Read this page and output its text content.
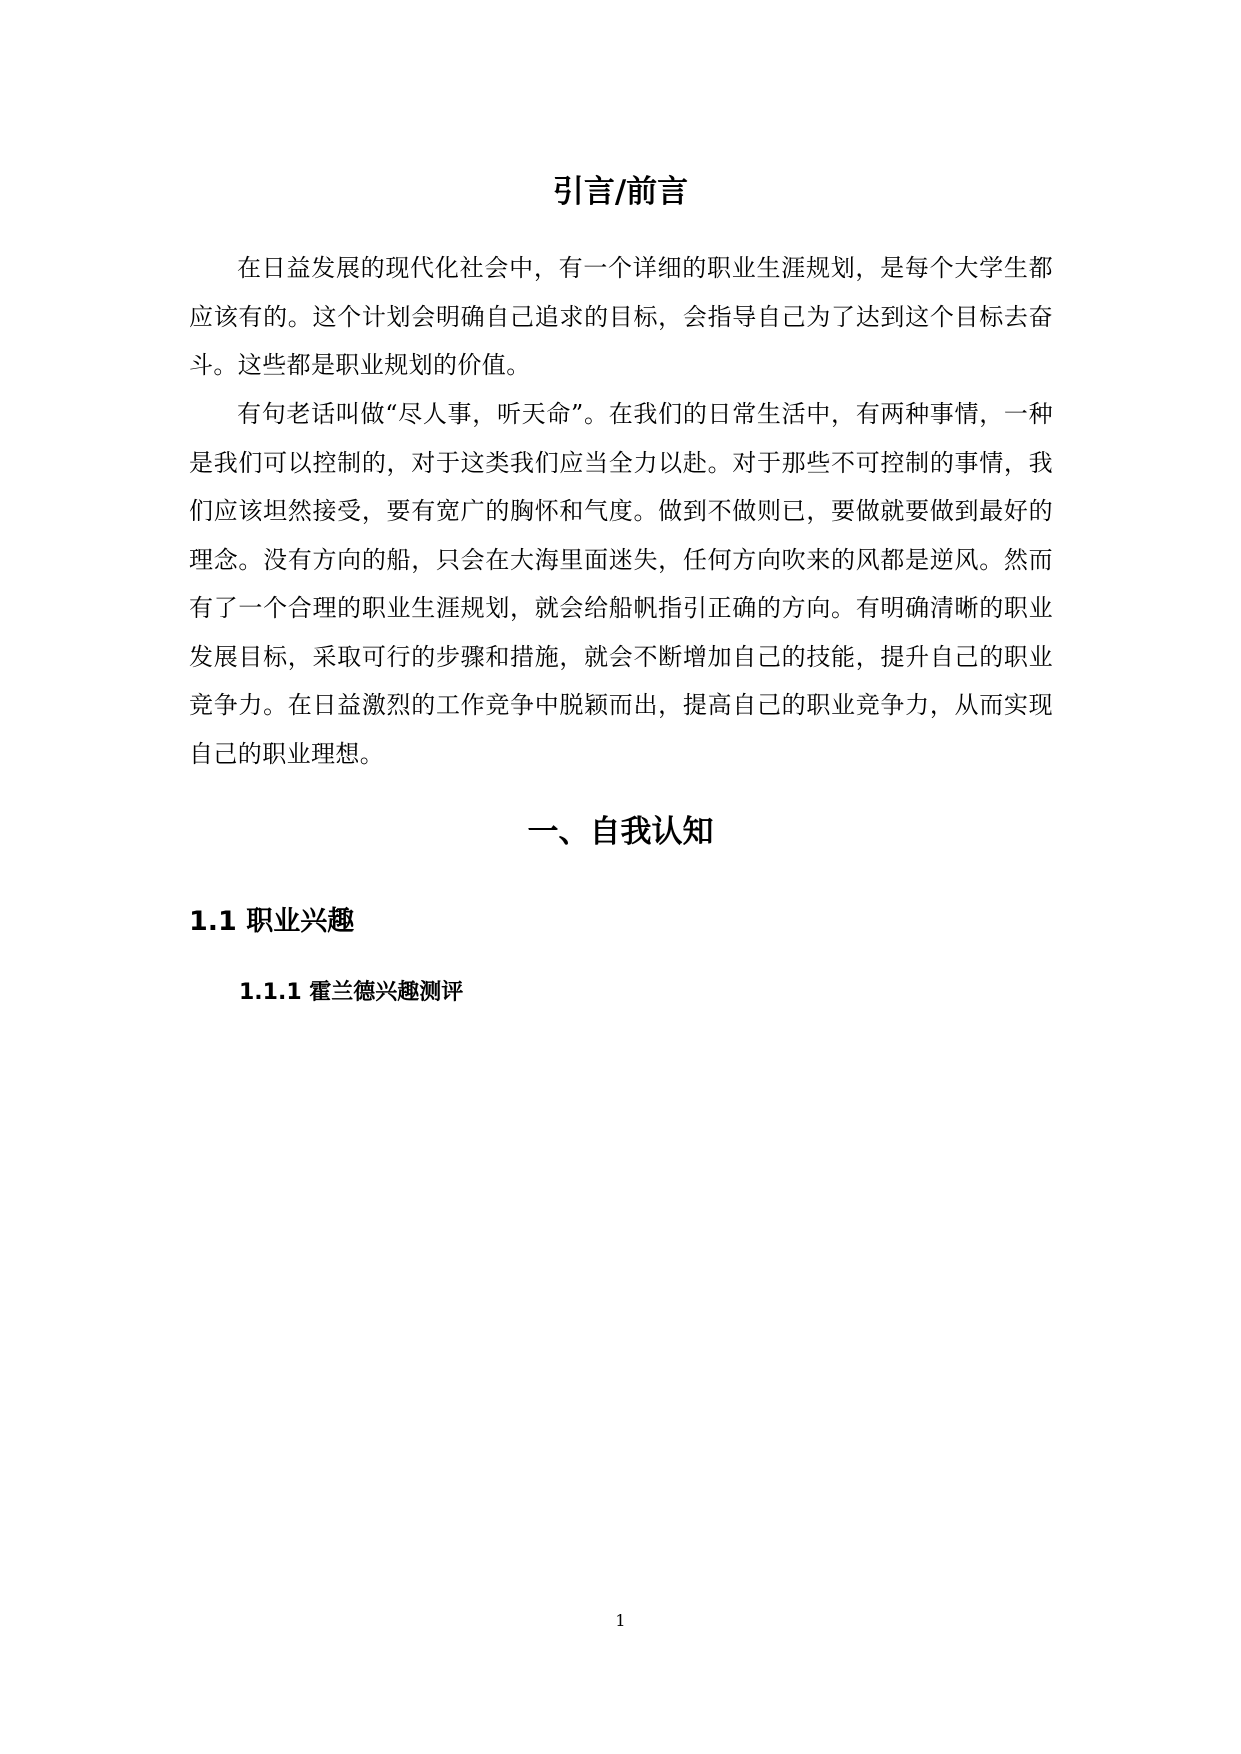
引言/前言

在日益发展的现代化社会中，有一个详细的职业生涯规划，是每个大学生都应该有的。这个计划会明确自己追求的目标，会指导自己为了达到这个目标去奋斗。这些都是职业规划的价值。

有句老话叫做“尽人事，听天命”。在我们的日常生活中，有两种事情，一种是我们可以控制的，对于这类我们应当全力以赴。对于那些不可控制的事情，我们应该坦然接受，要有宽广的胸怀和气度。做到不做则已，要做就要做到最好的理念。没有方向的船，只会在大海里面迷失，任何方向吹来的风都是逆风。然而有了一个合理的职业生涯规划，就会给船帆指引正确的方向。有明确清晰的职业发展目标，采取可行的步骤和措施，就会不断增加自己的技能，提升自己的职业竞争力。在日益激烈的工作竞争中脱颖而出，提高自己的职业竞争力，从而实现自己的职业理想。

一、自我认知
1.1 职业兴趣
1.1.1 霍兰德兴趣测评
1
